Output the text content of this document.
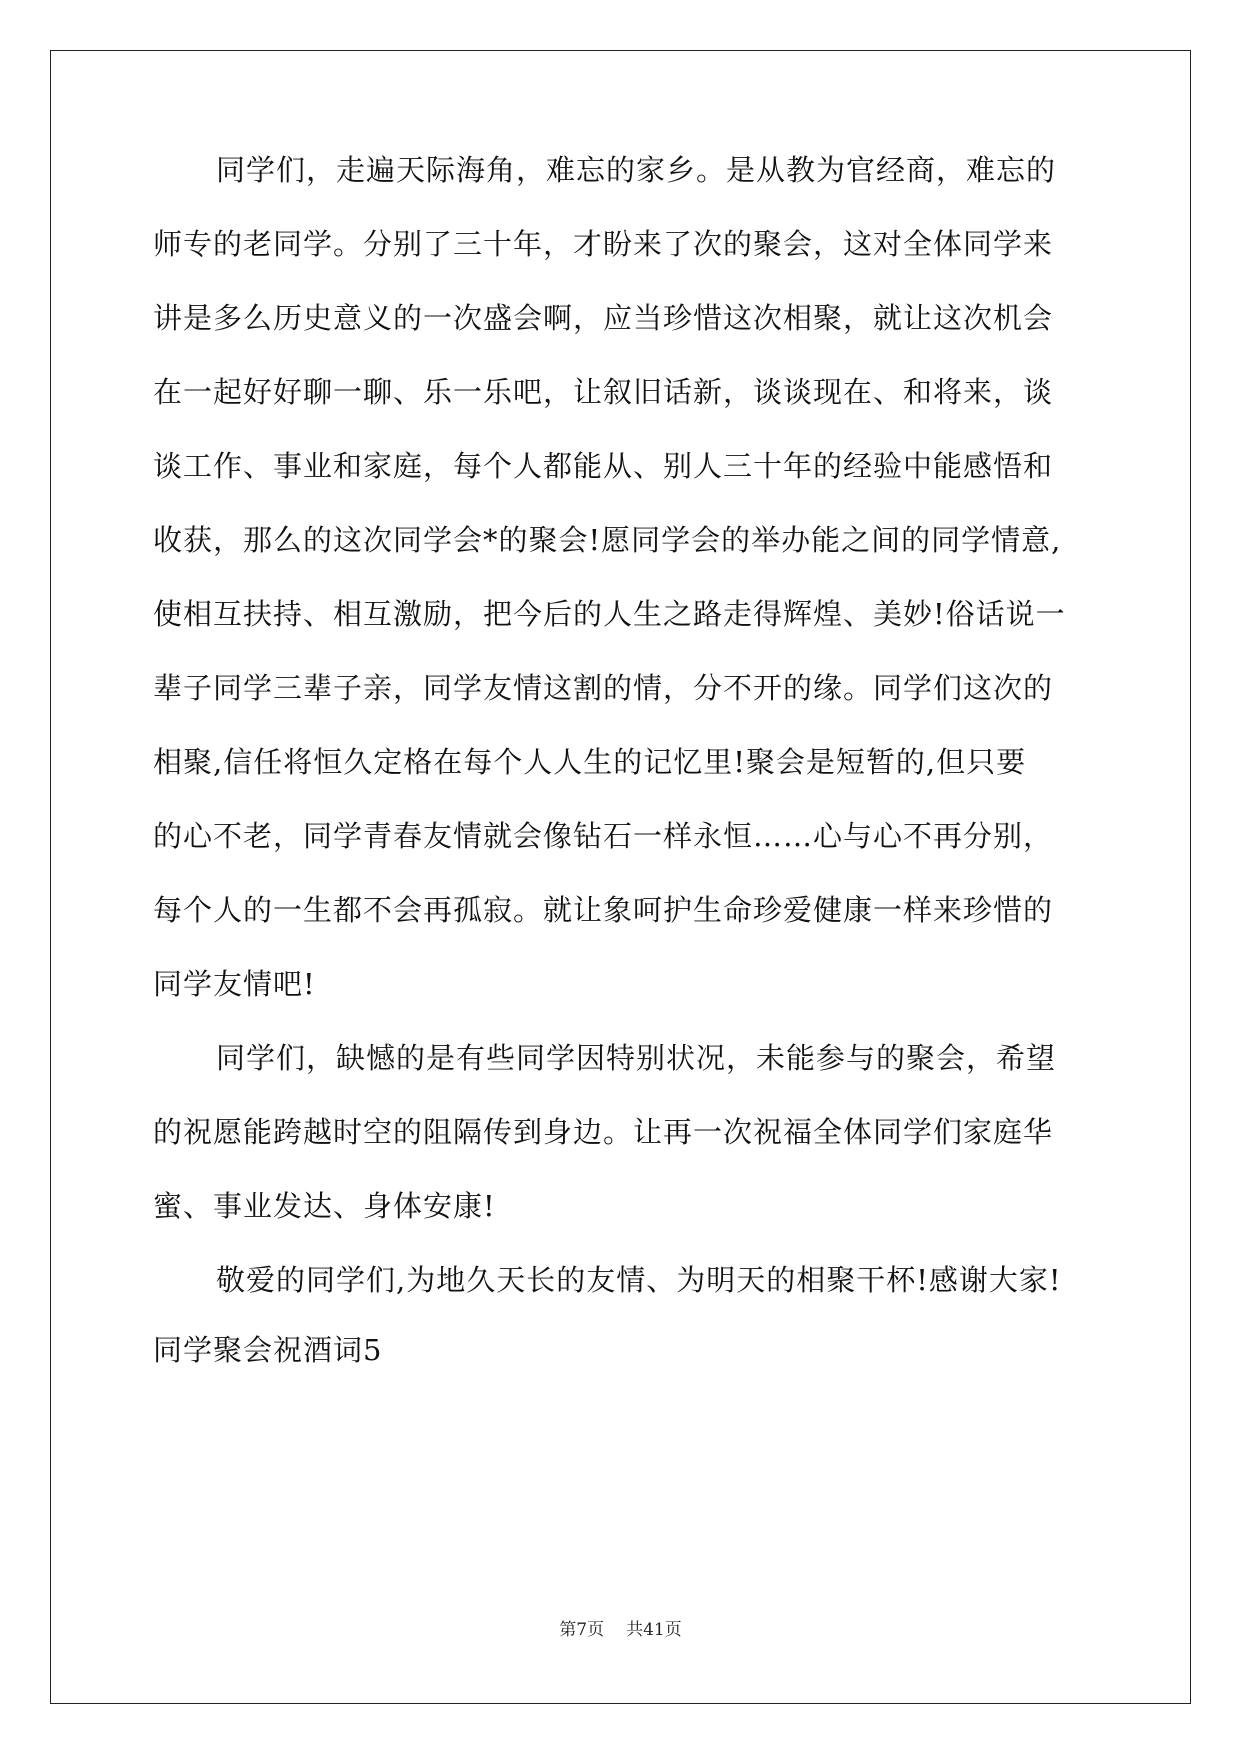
同学们，走遍天际海角，难忘的家乡。是从教为官经商，难忘的
师专的老同学。分别了三十年，才盼来了次的聚会，这对全体同学来
讲是多么历史意义的一次盛会啊，应当珍惜这次相聚，就让这次机会
在一起好好聊一聊、乐一乐吧，让叙旧话新，谈谈现在、和将来，谈
谈工作、事业和家庭，每个人都能从、别人三十年的经验中能感悟和
收获，那么的这次同学会*的聚会!愿同学会的举办能之间的同学情意,
使相互扶持、相互激励，把今后的人生之路走得辉煌、美妙!俗话说一
辈子同学三辈子亲，同学友情这割的情，分不开的缘。同学们这次的
相聚,信任将恒久定格在每个人人生的记忆里!聚会是短暂的,但只要
的心不老，同学青春友情就会像钻石一样永恒……心与心不再分别，
每个人的一生都不会再孤寂。就让象呵护生命珍爱健康一样来珍惜的
同学友情吧!
同学们，缺憾的是有些同学因特别状况，未能参与的聚会，希望
的祝愿能跨越时空的阻隔传到身边。让再一次祝福全体同学们家庭华
蜜、事业发达、身体安康!
敬爱的同学们,为地久天长的友情、为明天的相聚干杯!感谢大家!
同学聚会祝酒词5
第7页 共41页
